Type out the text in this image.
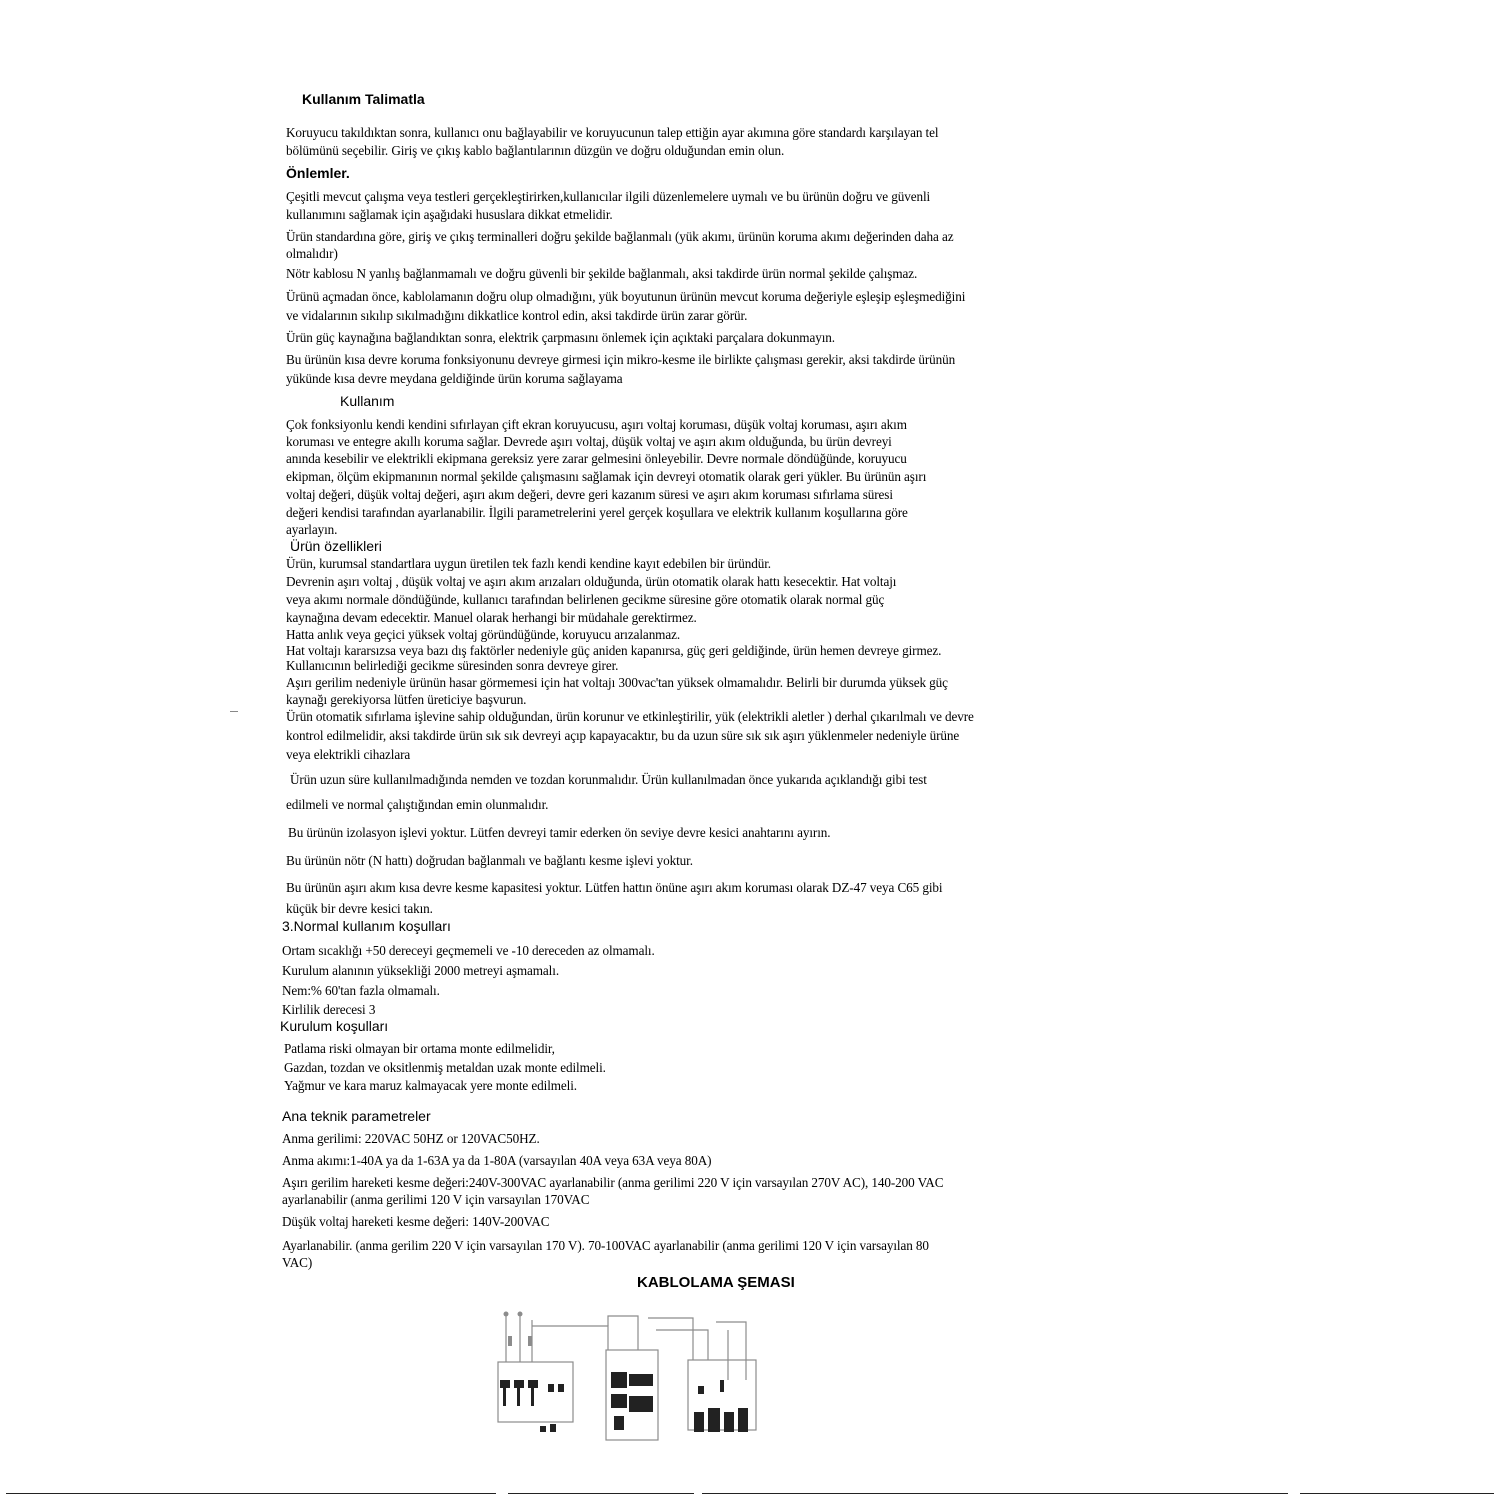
Kullanım Talimatla
Koruyucu takıldıktan sonra, kullanıcı onu bağlayabilir ve koruyucunun talep ettiğin ayar akımına göre standardı karşılayan tel
bölümünü seçebilir. Giriş ve çıkış kablo bağlantılarının düzgün ve doğru olduğundan emin olun.
Önlemler.
Çeşitli mevcut çalışma veya testleri gerçekleştirirken,kullanıcılar ilgili düzenlemelere uymalı ve bu ürünün doğru ve güvenli
kullanımını sağlamak için aşağıdaki hususlara dikkat etmelidir.
Ürün standardına göre, giriş ve çıkış terminalleri doğru şekilde bağlanmalı (yük akımı, ürünün koruma akımı değerinden daha az
olmalıdır)
Nötr kablosu N yanlış bağlanmamalı ve doğru güvenli bir şekilde bağlanmalı, aksi takdirde ürün normal şekilde çalışmaz.
Ürünü açmadan önce, kablolamanın doğru olup olmadığını, yük boyutunun ürünün mevcut koruma değeriyle eşleşip eşleşmediğini
ve vidalarının sıkılıp sıkılmadığını dikkatlice kontrol edin, aksi takdirde ürün zarar görür.
Ürün güç kaynağına bağlandıktan sonra, elektrik çarpmasını önlemek için açıktaki parçalara dokunmayın.
Bu ürünün kısa devre koruma fonksiyonunu devreye girmesi için mikro-kesme ile birlikte çalışması gerekir, aksi takdirde ürünün
yükünde kısa devre meydana geldiğinde ürün koruma sağlayama
Kullanım
Çok fonksiyonlu kendi kendini sıfırlayan çift ekran koruyucusu, aşırı voltaj koruması, düşük voltaj koruması, aşırı akım
koruması ve entegre akıllı koruma sağlar. Devrede aşırı voltaj, düşük voltaj ve aşırı akım olduğunda, bu ürün devreyi
anında kesebilir ve elektrikli ekipmana gereksiz yere zarar gelmesini önleyebilir. Devre normale döndüğünde, koruyucu
ekipman, ölçüm ekipmanının normal şekilde çalışmasını sağlamak için devreyi otomatik olarak geri yükler. Bu ürünün aşırı
voltaj değeri, düşük voltaj değeri, aşırı akım değeri, devre geri kazanım süresi ve aşırı akım koruması sıfırlama süresi
değeri kendisi tarafından ayarlanabilir. İlgili parametrelerini yerel gerçek koşullara ve elektrik kullanım koşullarına göre
ayarlayın.
Ürün özellikleri
Ürün, kurumsal standartlara uygun üretilen tek fazlı kendi kendine kayıt edebilen bir üründür.
Devrenin aşırı voltaj , düşük voltaj ve aşırı akım arızaları olduğunda, ürün otomatik olarak hattı kesecektir. Hat voltajı
veya akımı normale döndüğünde, kullanıcı tarafından belirlenen gecikme süresine göre otomatik olarak normal güç
kaynağına devam edecektir. Manuel olarak herhangi bir müdahale gerektirmez.
Hatta anlık veya geçici yüksek voltaj göründüğünde, koruyucu arızalanmaz.
Hat voltajı kararsızsa veya bazı dış faktörler nedeniyle güç aniden kapanırsa, güç geri geldiğinde, ürün hemen devreye girmez.
Kullanıcının belirlediği gecikme süresinden sonra devreye girer.
Aşırı gerilim nedeniyle ürünün hasar görmemesi için hat voltajı 300vac'tan yüksek olmamalıdır. Belirli bir durumda yüksek güç
kaynağı gerekiyorsa lütfen üreticiye başvurun.
Ürün otomatik sıfırlama işlevine sahip olduğundan, ürün korunur ve etkinleştirilir, yük (elektrikli aletler ) derhal çıkarılmalı ve devre
kontrol edilmelidir, aksi takdirde ürün sık sık devreyi açıp kapayacaktır, bu da uzun süre sık sık aşırı yüklenmeler nedeniyle ürüne
veya elektrikli cihazlara
Ürün uzun süre kullanılmadığında nemden ve tozdan korunmalıdır. Ürün kullanılmadan önce yukarıda açıklandığı gibi test
edilmeli ve normal çalıştığından emin olunmalıdır.
Bu ürünün izolasyon işlevi yoktur. Lütfen devreyi tamir ederken ön seviye devre kesici anahtarını ayırın.
Bu ürünün nötr (N hattı) doğrudan bağlanmalı ve bağlantı kesme işlevi yoktur.
Bu ürünün aşırı akım kısa devre kesme kapasitesi yoktur. Lütfen hattın önüne aşırı akım koruması olarak DZ-47 veya C65 gibi
küçük bir devre kesici takın.
3.Normal kullanım koşulları
Ortam sıcaklığı +50 dereceyi geçmemeli ve -10 dereceden az olmamalı.
Kurulum alanının yüksekliği 2000 metreyi aşmamalı.
Nem:% 60'tan fazla olmamalı.
Kirlilik derecesi 3
Kurulum koşulları
Patlama riski olmayan bir ortama monte edilmelidir,
Gazdan, tozdan ve oksitlenmiş metaldan uzak monte edilmeli.
Yağmur ve kara maruz kalmayacak yere monte edilmeli.
Ana teknik parametreler
Anma gerilimi: 220VAC 50HZ or 120VAC50HZ.
Anma akımı:1-40A ya da 1-63A ya da 1-80A (varsayılan 40A veya 63A veya 80A)
Aşırı gerilim hareketi kesme değeri:240V-300VAC ayarlanabilir (anma gerilimi 220 V için varsayılan 270V AC), 140-200 VAC
ayarlanabilir (anma gerilimi 120 V için varsayılan 170VAC
Düşük voltaj hareketi kesme değeri: 140V-200VAC
Ayarlanabilir. (anma gerilim 220 V için varsayılan 170 V). 70-100VAC ayarlanabilir (anma gerilimi 120 V için varsayılan 80
VAC)
KABLOLAMA ŞEMASI
